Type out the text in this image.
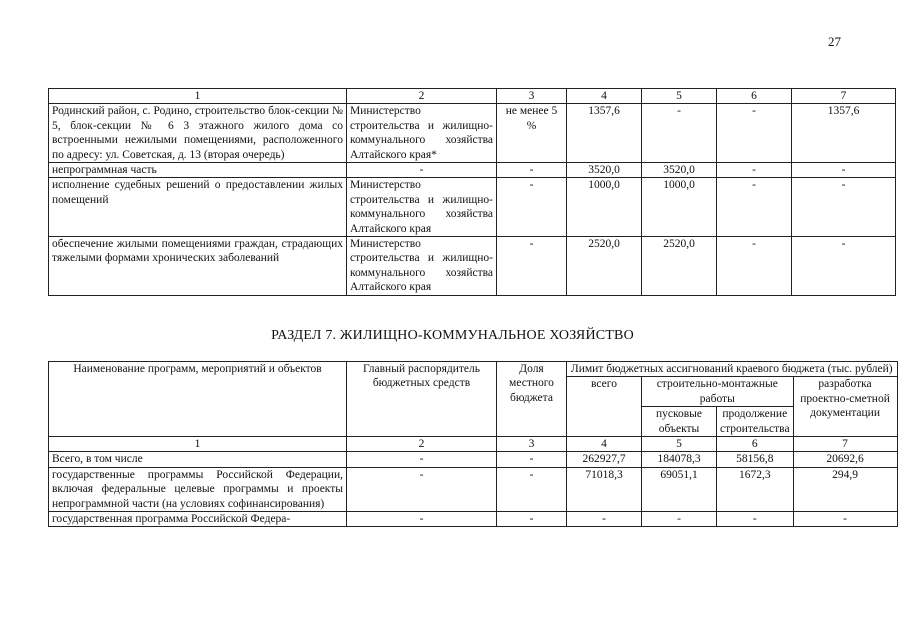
27
1	2	3	4	5	6	7
Родинский район, с. Родино, строительство блок-секции № 5, блок-секции № 6 3 этажного жилого дома со встроенными нежилыми помещениями, расположенного по адресу: ул. Советская, д. 13 (вторая очередь)	Министерство строительства и жилищно-коммунального хозяйства Алтайского края*	не менее 5 %	1357,6	-	-	1357,6
непрограммная часть	-	-	3520,0	3520,0	-	-
исполнение судебных решений о предоставлении жилых помещений	Министерство строительства и жилищно-коммунального хозяйства Алтайского края	-	1000,0	1000,0	-	-
обеспечение жилыми помещениями граждан, страдающих тяжелыми формами хронических заболеваний	Министерство строительства и жилищно-коммунального хозяйства Алтайского края	-	2520,0	2520,0	-	-
РАЗДЕЛ 7. ЖИЛИЩНО-КОММУНАЛЬНОЕ ХОЗЯЙСТВО
Наименование программ, мероприятий и объектов	Главный распорядитель бюджетных средств	Доля местного бюджета	Лимит бюджетных ассигнований краевого бюджета (тыс. рублей)			
			всего	строительно-монтажные работы		разработка проектно-сметной документации
				пусковые объекты	продолжение строительства	
1	2	3	4	5	6	7
Всего, в том числе	-	-	262927,7	184078,3	58156,8	20692,6
государственные программы Российской Федерации, включая федеральные целевые программы и проекты непрограммной части (на условиях софинансирования)	-	-	71018,3	69051,1	1672,3	294,9
государственная программа Российской Федера-	-	-	-	-	-	-
